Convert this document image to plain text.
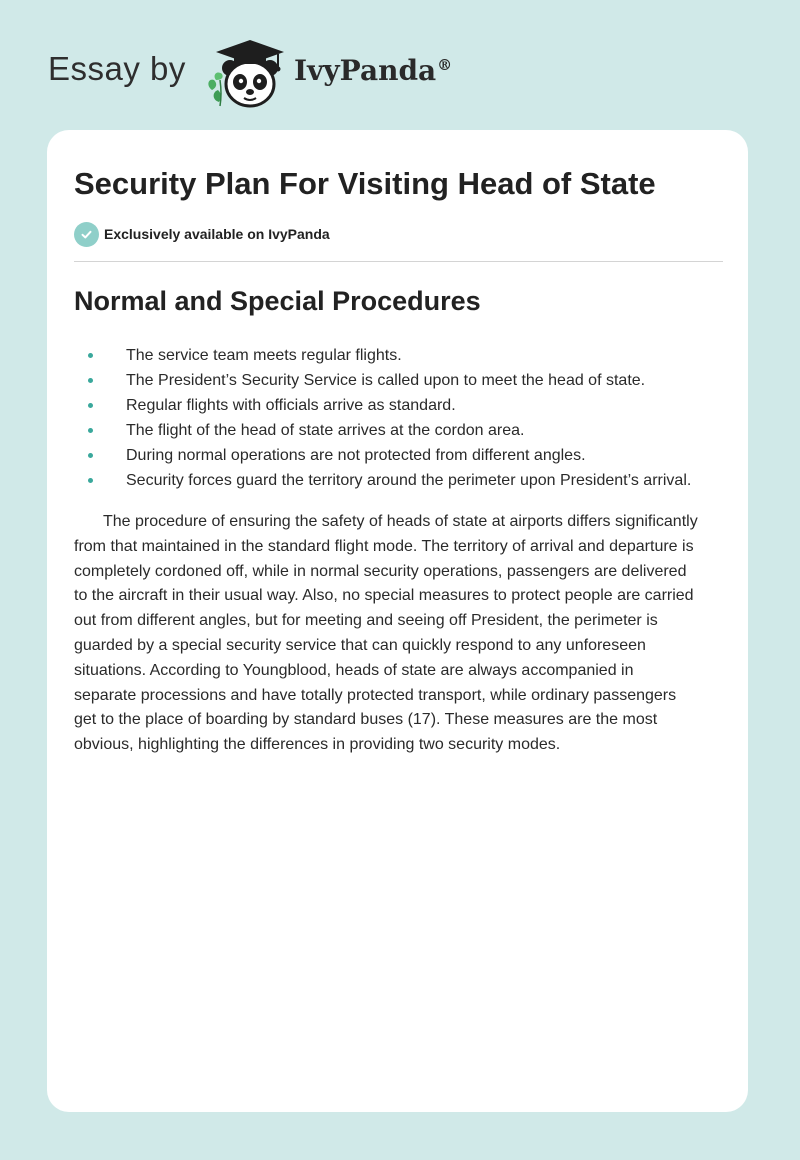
Essay by	IvyPanda®
Security Plan For Visiting Head of State
Exclusively available on IvyPanda
Normal and Special Procedures
The service team meets regular flights.
The President’s Security Service is called upon to meet the head of state.
Regular flights with officials arrive as standard.
The flight of the head of state arrives at the cordon area.
During normal operations are not protected from different angles.
Security forces guard the territory around the perimeter upon President’s arrival.

The procedure of ensuring the safety of heads of state at airports differs significantly
from that maintained in the standard flight mode. The territory of arrival and departure is
completely cordoned off, while in normal security operations, passengers are delivered
to the aircraft in their usual way. Also, no special measures to protect people are carried
out from different angles, but for meeting and seeing off President, the perimeter is
guarded by a special security service that can quickly respond to any unforeseen
situations. According to Youngblood, heads of state are always accompanied in
separate processions and have totally protected transport, while ordinary passengers
get to the place of boarding by standard buses (17). These measures are the most
obvious, highlighting the differences in providing two security modes.
